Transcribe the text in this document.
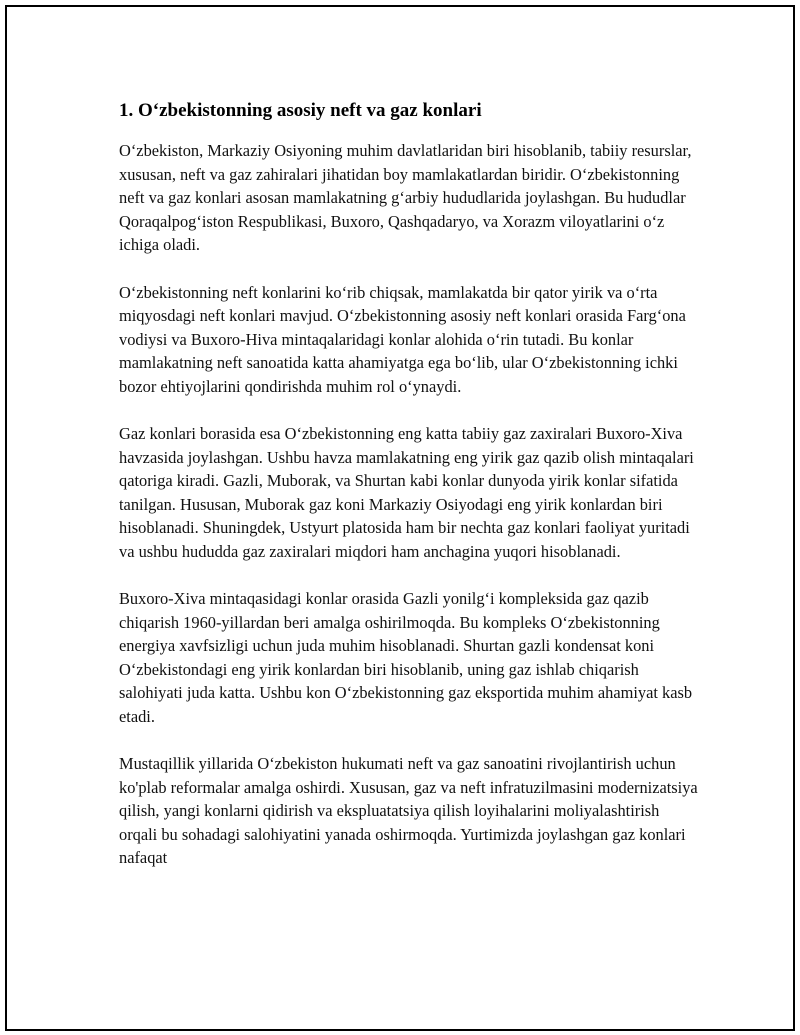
1. O‘zbekistonning asosiy neft va gaz konlari

O‘zbekiston, Markaziy Osiyoning muhim davlatlaridan biri hisoblanib, tabiiy resurslar, xususan, neft va gaz zahiralari jihatidan boy mamlakatlardan biridir. O‘zbekistonning neft va gaz konlari asosan mamlakatning g‘arbiy hududlarida joylashgan. Bu hududlar Qoraqalpog‘iston Respublikasi, Buxoro, Qashqadaryo, va Xorazm viloyatlarini o‘z ichiga oladi.

O‘zbekistonning neft konlarini ko‘rib chiqsak, mamlakatda bir qator yirik va o‘rta miqyosdagi neft konlari mavjud. O‘zbekistonning asosiy neft konlari orasida Farg‘ona vodiysi va Buxoro-Hiva mintaqalaridagi konlar alohida o‘rin tutadi. Bu konlar mamlakatning neft sanoatida katta ahamiyatga ega bo‘lib, ular O‘zbekistonning ichki bozor ehtiyojlarini qondirishda muhim rol o‘ynaydi.

Gaz konlari borasida esa O‘zbekistonning eng katta tabiiy gaz zaxiralari Buxoro-Xiva havzasida joylashgan. Ushbu havza mamlakatning eng yirik gaz qazib olish mintaqalari qatoriga kiradi. Gazli, Muborak, va Shurtan kabi konlar dunyoda yirik konlar sifatida tanilgan. Hususan, Muborak gaz koni Markaziy Osiyodagi eng yirik konlardan biri hisoblanadi. Shuningdek, Ustyurt platosida ham bir nechta gaz konlari faoliyat yuritadi va ushbu hududda gaz zaxiralari miqdori ham anchagina yuqori hisoblanadi.

Buxoro-Xiva mintaqasidagi konlar orasida Gazli yonilg‘i kompleksida gaz qazib chiqarish 1960-yillardan beri amalga oshirilmoqda. Bu kompleks O‘zbekistonning energiya xavfsizligi uchun juda muhim hisoblanadi. Shurtan gazli kondensat koni O‘zbekistondagi eng yirik konlardan biri hisoblanib, uning gaz ishlab chiqarish salohiyati juda katta. Ushbu kon O‘zbekistonning gaz eksportida muhim ahamiyat kasb etadi.

Mustaqillik yillarida O‘zbekiston hukumati neft va gaz sanoatini rivojlantirish uchun ko'plab reformalar amalga oshirdi. Xususan, gaz va neft infratuzilmasini modernizatsiya qilish, yangi konlarni qidirish va ekspluatatsiya qilish loyihalarini moliyalashtirish orqali bu sohadagi salohiyatini yanada oshirmoqda. Yurtimizda joylashgan gaz konlari nafaqat
